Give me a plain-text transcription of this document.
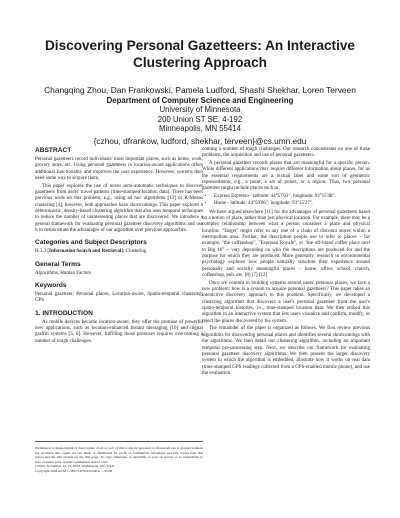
Discovering Personal Gazetteers: An Interactive
Clustering Approach
Changqing Zhou, Dan Frankowski, Pamela Ludford, Shashi Shekhar, Loren Terveen
Department of Computer Science and Engineering
University of Minnesota
200 Union ST SE, 4-192
Minneapolis, MN 55414
{czhou, dfrankow, ludford, shekhar, terveen}@cs.umn.edu
ABSTRACT

Personal gazetteers record individuals' most important places, such as home, work, grocery store, etc. Using personal gazetteers in location-aware applications offers additional functionality and improves the user experience. However, systems then need some way to acquire them.

This paper explores the use of novel semi-automatic techniques to discover gazetteers from users' travel patterns (time-stamped location data). There has been previous work on this problem, e.g., using ad hoc algorithms [13] or K-Means clustering [4]; however, both approaches have shortcomings. This paper explores a deterministic, density-based clustering algorithm that also uses temporal techniques to reduce the number of uninteresting places that are discovered. We introduce a general framework for evaluating personal gazetteer discovery algorithms and use it to demonstrate the advantages of our algorithm over previous approaches.

Categories and Subject Descriptors

H.3.3 [Information Search and Retrieval]: Clustering

General Terms

Algorithms, Human Factors

Keywords

Personal gazetteer, Personal places, Location-aware, Spatio-temporal clustering, GPS

1. INTRODUCTION

As mobile devices become location-aware, they offer the promise of powerful new applications, such as location-enhanced instant messaging [10] and digital graffiti systems [5, 6]. However, fulfilling those promises requires overcoming a number of tough challenges.

Permission to make digital or hard copies of all or part of this work for personal or classroom use is granted without fee provided that copies are not made or distributed for profit or commercial advantage and that copies bear this notice and the full citation on the first page. To copy otherwise, to republish, to post on servers or to redistribute to lists, requires prior specific permission and/or a fee.
GIS'04, November 12-13, 2004, Washington, DC, USA.
Copyright 2004 ACM 1-58113-979-9/04/0011 ...$5.00.

coming a number of tough challenges. Our research concentrates on one of these problems, the acquisition and use of personal gazetteers.

A personal gazetteer records places that are meaningful for a specific person. While different applications may require different information about places, for us the essential requirements are a textual label and some sort of geometric representation, e.g., a point, a set of points, or a region. Thus, two personal gazetteer might include places such as:

• Express Espresso - latitude: 44°57'02", longitude: 93°15'48".
• Home - latitude: 44°59'06", longitude: 93°15'27".

We have argued elsewhere [11] for the advantages of personal gazetteers based on a notion of place, rather than just physical location. For example, there may be a complex relationship between what a person considers a place and physical location: "Target" might refer to any one of a chain of discount stores within a metropolitan area. Further, the description people use to refer to places – for example, "the coffeeshop", "Espresso Royale", or "the off-brand coffee place next to Big 10" – vary depending on who the descriptions are produced for and the purpose for which they are produced. More generally, research in environmental psychology explores how people naturally structure their experience around personally and socially meaningful places – home, office, school, church, coffeeshop, pub, etc. [8] [7] [12]

Once we commit to building systems around users' personal places, we face a new problem: how is a system to acquire personal gazetteers? This paper takes an interactive discovery approach to this problem. Specifically, we developed a clustering algorithm that discovers a user's personal gazetteer from the user's spatio-temporal histories, i.e., time-stamped location data. We then embed this algorithm in an interactive system that lets users visualize and confirm, modify, or reject the places discovered by the system.

The remainder of the paper is organized as follows. We first review previous algorithms for discovering personal places and identifies several shortcomings with the algorithms. We then detail our clustering algorithm, including an important temporal pre-processing step. Next, we describe our framework for evaluating personal gazetteer discovery algorithms. We then present the larger discovery system in which the algorithm is embedded, illustrate how it works on real data (time-stamped GPS readings collected from a GPS-enabled mobile phone), and use the evaluation
